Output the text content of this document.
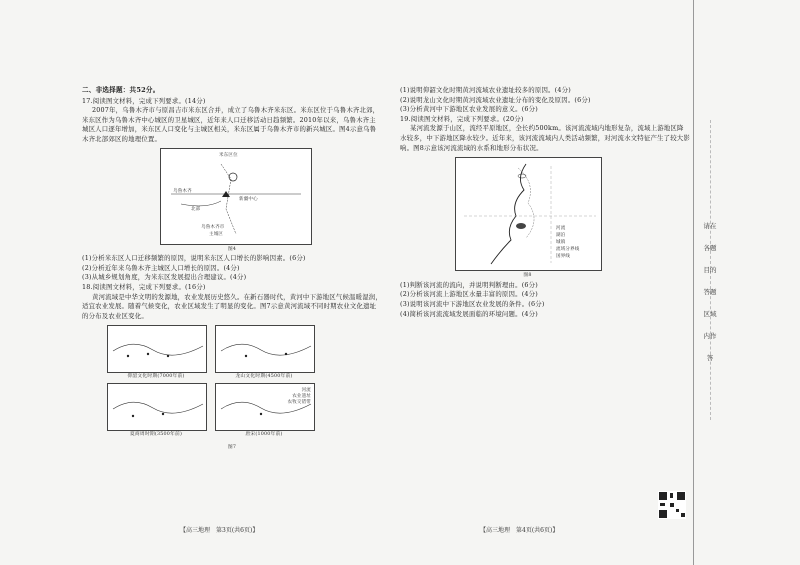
二、非选择题：共52分。

17.阅读图文材料，完成下列要求。(14分)

2007年，乌鲁木齐市与原昌吉市米东区合并，成立了乌鲁木齐米东区。米东区位于乌鲁木齐北郊，米东区作为乌鲁木齐中心城区的卫星城区，近年来人口迁移活动日趋频繁。2010年以来，乌鲁木齐主城区人口逐年增加，米东区人口变化与主城区相关，米东区属于乌鲁木齐市的新兴城区。图4示意乌鲁木齐北部郊区的地理位置。

米东区位
乌鲁木齐
新疆中心
北部
乌鲁木齐市
主城区
图4

(1)分析米东区人口迁移频繁的原因，说明米东区人口增长的影响因素。(6分)

(2)分析近年来乌鲁木齐主城区人口增长的原因。(4分)

(3)从城乡规划角度，为米东区发展提出合理建议。(4分)

18.阅读图文材料，完成下列要求。(16分)

黄河流域是中华文明的发源地，农业发展历史悠久。在新石器时代，黄河中下游地区气候温暖湿润，适宜农业发展。随着气候变化，农业区域发生了明显的变化。图7示意黄河流域不同时期农业文化遗址的分布及农业区变化。

仰韶文化时期(7000年前)	龙山文化时期(4500年前)
夏商周时期(3500年前)
河流
农业遗址
农牧交错带
唐宋(1000年前)
图7

(1)说明仰韶文化时期黄河流域农业遗址较多的原因。(4分)

(2)说明龙山文化时期黄河流域农业遗址分布的变化及原因。(6分)

(3)分析黄河中下游地区农业发展的意义。(6分)

19.阅读图文材料，完成下列要求。(20分)

某河流发源于山区，流经平原地区，全长约500km。该河流流域内地形复杂，流域上游地区降水较多，中下游地区降水较少。近年来，该河流流域内人类活动频繁，对河流水文特征产生了较大影响。图8示意该河流流域的水系和地形分布状况。

河流
湖泊
城镇
流域分界线
国界线
图8

(1)判断该河流的流向，并说明判断理由。(6分)

(2)分析该河流上游地区水量丰富的原因。(4分)

(3)说明该河流中下游地区农业发展的条件。(6分)

(4)简析该河流流域发展面临的环境问题。(4分)

【高三地理　第3页(共6页)】	【高三地理　第4页(共6页)】
请在各题目的答题区域内作答
